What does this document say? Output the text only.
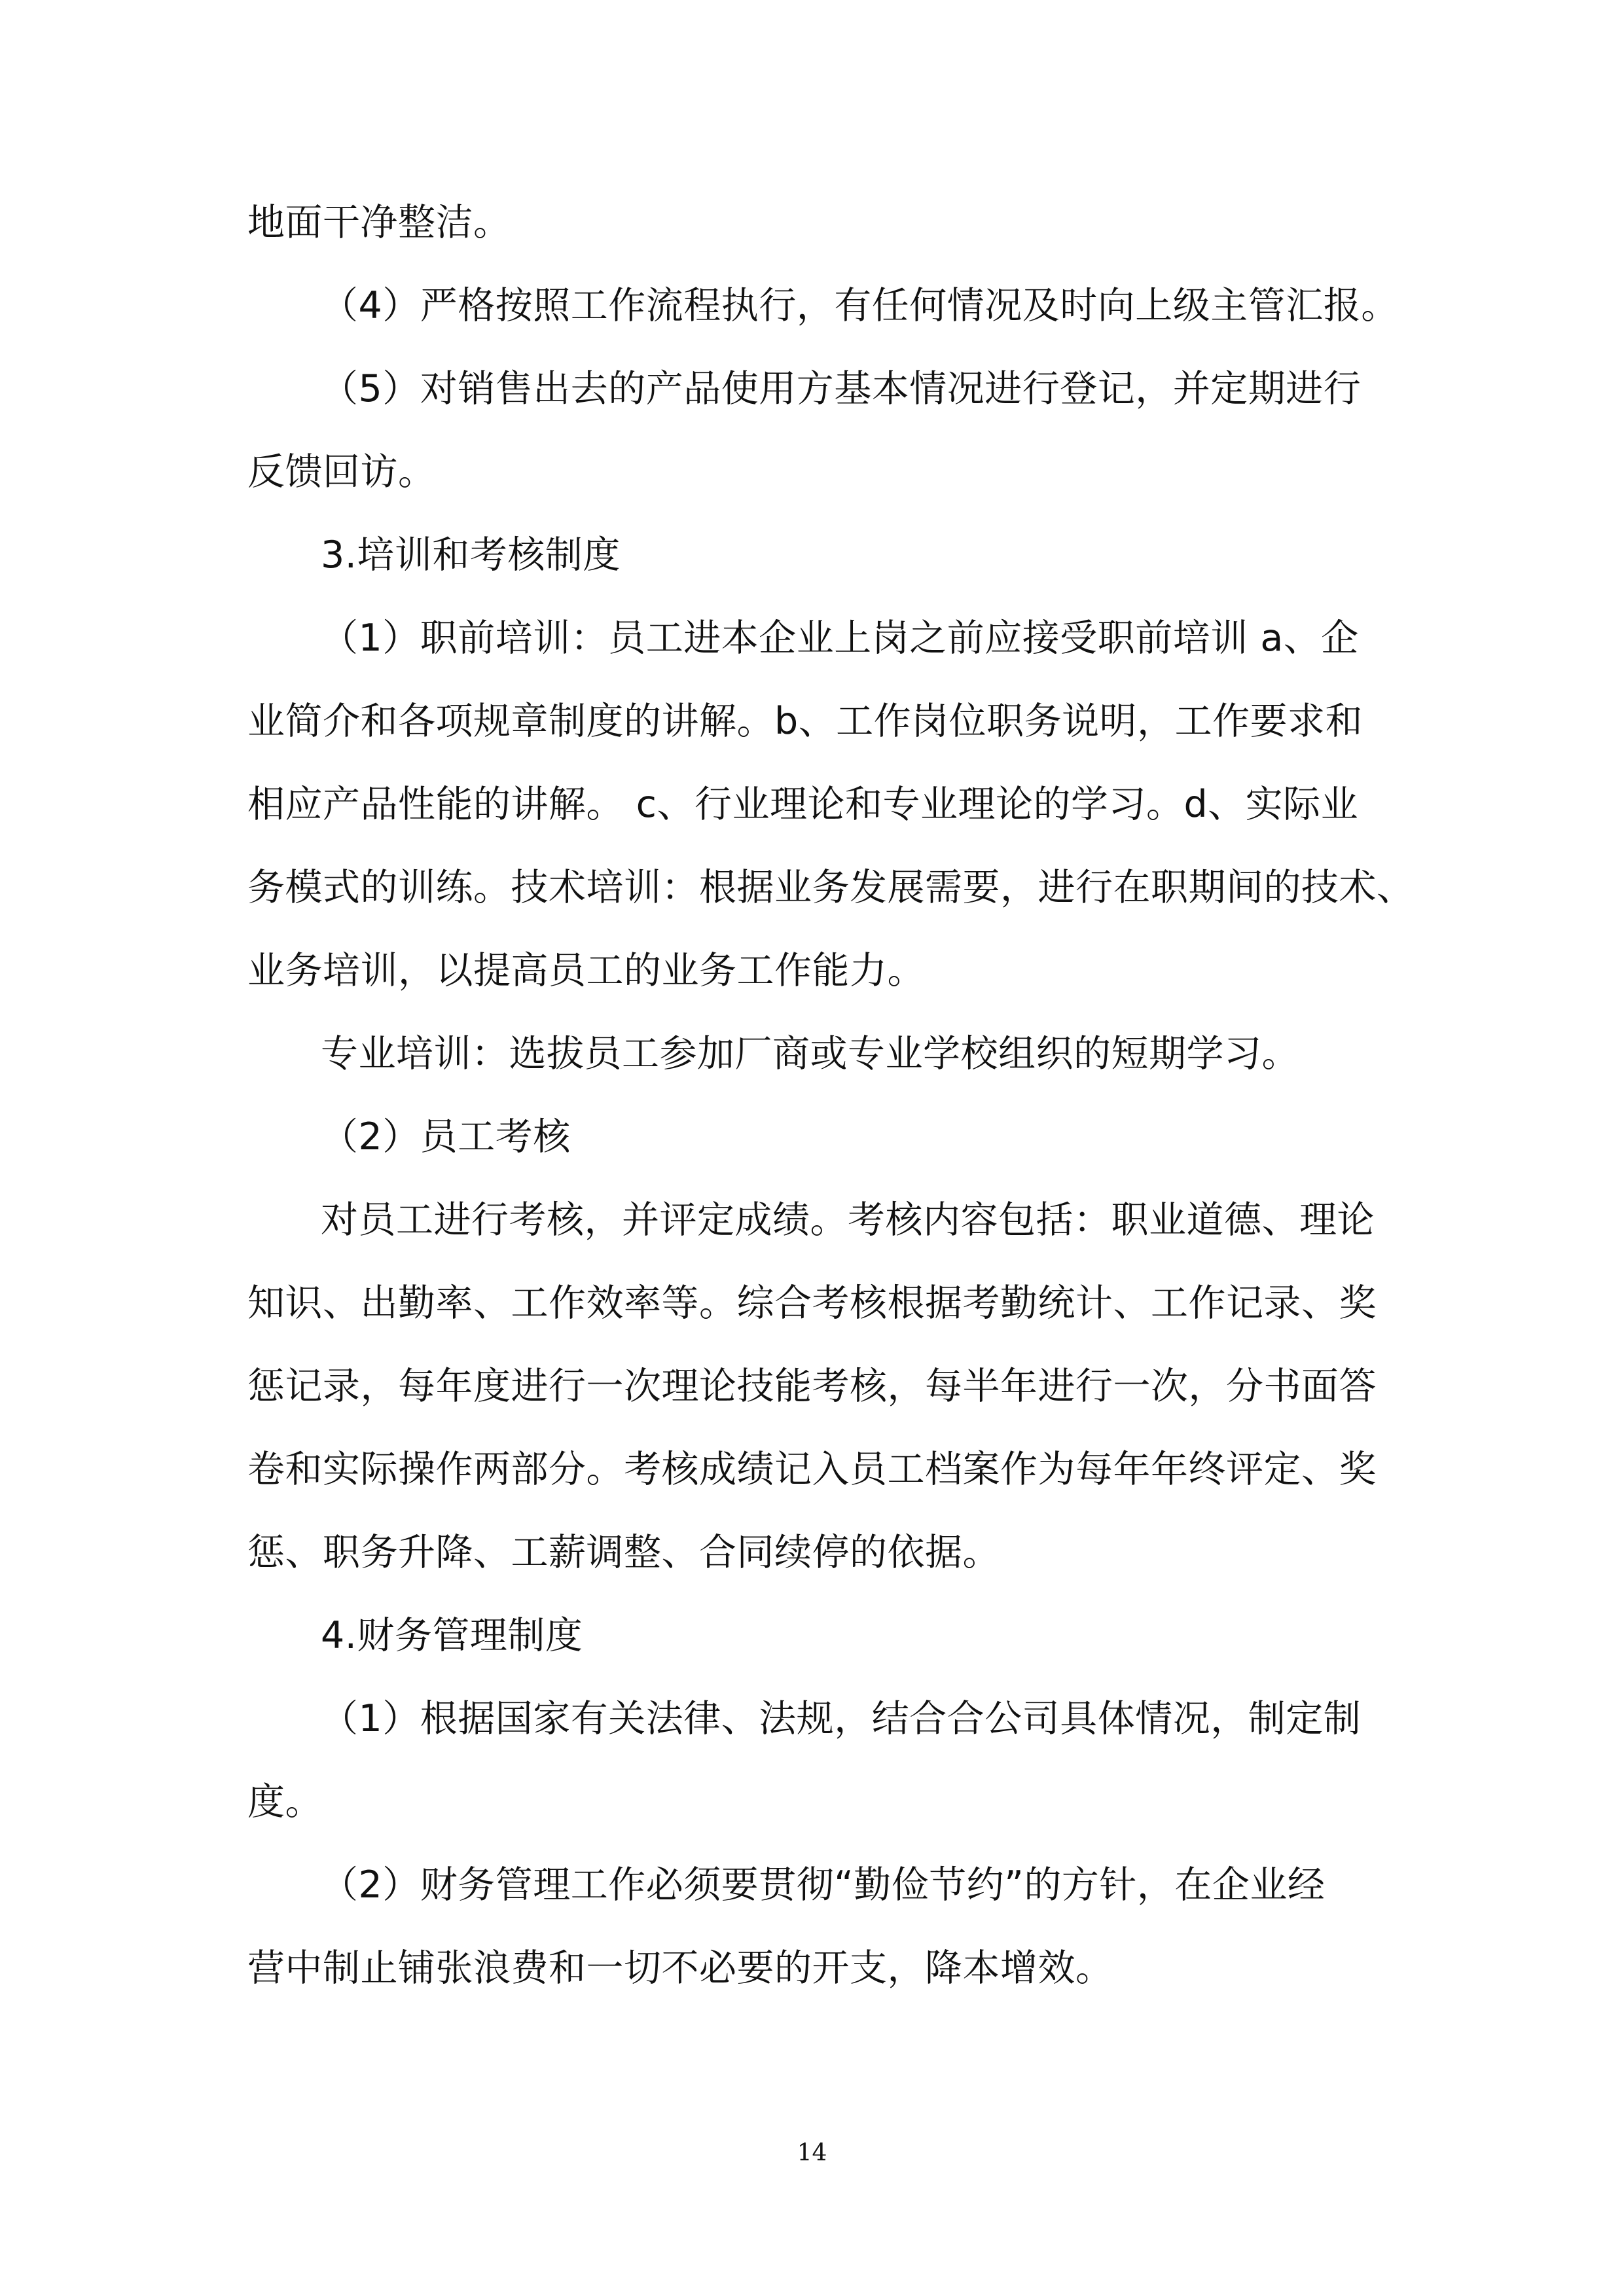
地面干净整洁。
（4）严格按照工作流程执行，有任何情况及时向上级主管汇报。
（5）对销售出去的产品使用方基本情况进行登记，并定期进行
反馈回访。
3.培训和考核制度
（1）职前培训：员工进本企业上岗之前应接受职前培训 a、企
业简介和各项规章制度的讲解。b、工作岗位职务说明，工作要求和
相应产品性能的讲解。 c、行业理论和专业理论的学习。d、实际业
务模式的训练。技术培训：根据业务发展需要，进行在职期间的技术、
业务培训，以提高员工的业务工作能力。
专业培训：选拔员工参加厂商或专业学校组织的短期学习。
（2）员工考核
对员工进行考核，并评定成绩。考核内容包括：职业道德、理论
知识、出勤率、工作效率等。综合考核根据考勤统计、工作记录、奖
惩记录，每年度进行一次理论技能考核，每半年进行一次，分书面答
卷和实际操作两部分。考核成绩记入员工档案作为每年年终评定、奖
惩、职务升降、工薪调整、合同续停的依据。
4.财务管理制度
（1）根据国家有关法律、法规，结合合公司具体情况，制定制
度。
（2）财务管理工作必须要贯彻“勤俭节约”的方针，在企业经
营中制止铺张浪费和一切不必要的开支，降本增效。
14
